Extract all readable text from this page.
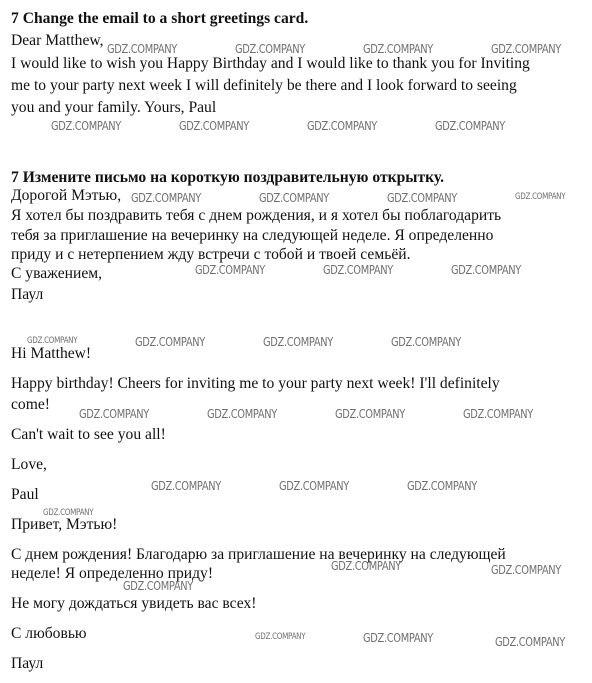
7 Change the email to a short greetings card.
Dear Matthew,
I would like to wish you Happy Birthday and I would like to thank you for Inviting
me to your party next week I will definitely be there and I look forward to seeing
you and your family. Yours, Paul
7 Измените письмо на короткую поздравительную открытку.
Дорогой Мэтью,
Я хотел бы поздравить тебя с днем рождения, и я хотел бы поблагодарить
тебя за приглашение на вечеринку на следующей неделе. Я определенно
приду и с нетерпением жду встречи с тобой и твоей семьёй.
С уважением,
Паул
Hi Matthew!
Happy birthday! Cheers for inviting me to your party next week! I'll definitely
come!
Can't wait to see you all!
Love,
Paul
Привет, Мэтью!
С днем рождения! Благодарю за приглашение на вечеринку на следующей
неделе! Я определенно приду!
Не могу дождаться увидеть вас всех!
С любовью
Паул
GDZ.COMPANY	GDZ.COMPANY	GDZ.COMPANY	GDZ.COMPANY
GDZ.COMPANY	GDZ.COMPANY	GDZ.COMPANY	GDZ.COMPANY
GDZ.COMPANY	GDZ.COMPANY	GDZ.COMPANY	GDZ.COMPANY
GDZ.COMPANY	GDZ.COMPANY	GDZ.COMPANY
GDZ.COMPANY	GDZ.COMPANY	GDZ.COMPANY	GDZ.COMPANY
GDZ.COMPANY	GDZ.COMPANY	GDZ.COMPANY	GDZ.COMPANY
GDZ.COMPANY	GDZ.COMPANY	GDZ.COMPANY
GDZ.COMPANY
GDZ.COMPANY	GDZ.COMPANY
GDZ.COMPANY
GDZ.COMPANY	GDZ.COMPANY	GDZ.COMPANY
